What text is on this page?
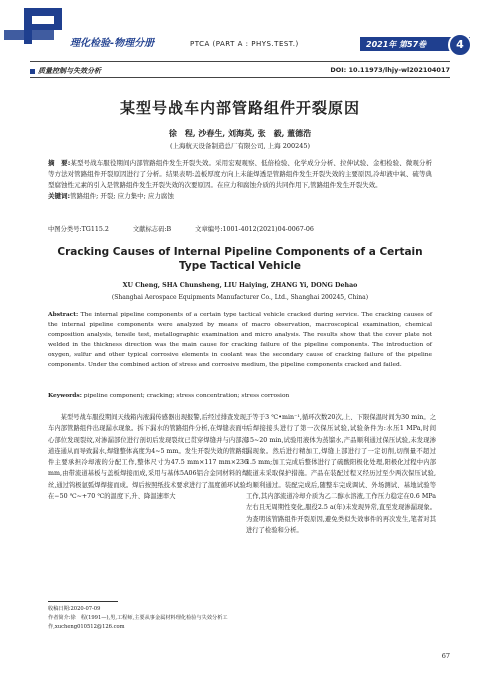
理化检验-物理分册	PTCA (PART A : PHYS.TEST.)	2021年 第57卷	4
质量控制与失效分析	DOI: 10.11973/lhjy-wl202104017
某型号战车内部管路组件开裂原因
徐　程, 沙春生, 刘海英, 张　毅, 董德浩
(上海航天设备制造总厂有限公司, 上海 200245)
摘　要:某型号战车服役期间内部管路组件发生开裂失效。采用宏观观察、低倍检验、化学成分分析、拉伸试验、金相检验、微观分析等方法对管路组件开裂原因进行了分析。结果表明:盖板厚度方向上未能焊透是管路组件发生开裂失效的主要原因,冷却液中氧、硫等典型腐蚀性元素的引入是管路组件发生开裂失效的次要原因。在应力和腐蚀介质的共同作用下,管路组件发生开裂失效。
关键词:管路组件; 开裂; 应力集中; 应力腐蚀
中图分类号:TG115.2	文献标志码:B	文章编号:1001-4012(2021)04-0067-06
Cracking Causes of Internal Pipeline Components of a Certain
Type Tactical Vehicle
XU Cheng, SHA Chunsheng, LIU Haiying, ZHANG Yi, DONG Dehao
(Shanghai Aerospace Equipments Manufacturer Co., Ltd., Shanghai 200245, China)
Abstract: The internal pipeline components of a certain type tactical vehicle cracked during service. The cracking causes of the internal pipeline components were analyzed by means of macro observation, macroscopical examination, chemical composition analysis, tensile test, metallographic examination and micro analysis. The results show that the cover plate not welded in the thickness direction was the main cause for cracking failure of the pipeline components. The introduction of oxygen, sulfur and other typical corrosive elements in coolant was the secondary cause of cracking failure of the pipeline components. Under the combined action of stress and corrosive medium, the pipeline components cracked and failed.
Keywords: pipeline component; cracking; stress concentration; stress corrosion

某型号战车服役期间天线箱内液漏传感器出现报警,后经过排查发现,车内部管路组件出现漏水现象。拆下漏水的管路组件分析,在焊缝表面中心部位发现裂纹,对渗漏部位进行剖切后发现裂纹已贯穿焊缝并与内部流道连通从而导致漏水,焊缝整体高度为4~5 mm。发生开裂失效的管路组件主要承担冷却液的分配工作,整体尺寸为47.5 mm×117 mm×236 mm,由带流道基板与盖板焊接而成,采用与基体5A06铝合金同材料的焊丝,通过钨极氩弧焊焊接而成。焊后按照纸技术要求进行了温度循环试验:在−50 ℃~+70 ℃的温度下,升、降温速率大

于等于3 ℃•min⁻¹,循环次数20次,上、下限保温时间为30 min。之后焊接接头进行了第一次保压试验,试验条件为:水压1 MPa,时间15~20 min,试验用液体为蒸馏水,产品顺利通过保压试验,未发现渗漏现象。然后进行精加工,焊缝上部进行了一定切削,切削量不超过1.5 mm;加工完成后整体进行了硫酸阳极化处理,阳极化过程中内部流道未采取保护措施。产品在装配过程又经历过至少两次保压试验,均顺利通过。装配完成后,随整车完成调试、外场测试、基地试验等工作,其内部流道冷却介质为乙二醇水溶液,工作压力稳定在0.6 MPa左右且无周期性变化,服役2.5 a(年)未发现异常,直至发现渗漏现象。为查明该管路组件开裂原因,避免类似失效事件的再次发生,笔者对其进行了检验和分析。

收稿日期:2020-07-09
作者简介:徐　程(1991—),男,工程师,主要从事金属材料理化检验与失效分析工作,xucheng010512@126.com
67
